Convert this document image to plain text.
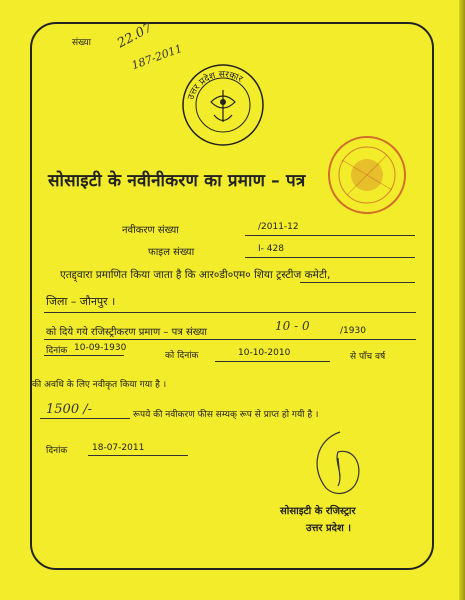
संख्या 22.07
187-2011
उत्तर प्रदेश सरकार
सोसाइटी के नवीनीकरण का प्रमाण – पत्र
नवीकरण संख्या	/2011-12
फाइल संख्या	I- 428
एतद्द्वारा प्रमाणित किया जाता है कि आर०डी०एम० शिया ट्रस्टीज कमेटी,
जिला – जौनपुर ।
को दिये गये रजिस्ट्रीकरण प्रमाण – पत्र संख्या	10 - 0	/1930
दिनांक 10-09-1930
को दिनांक	10-10-2010	से पाँच वर्ष
की अवधि के लिए नवीकृत किया गया है ।
1500 /-	रूपये की नवीकरण फीस सम्यक् रूप से प्राप्त हो गयी है ।
दिनांक	18-07-2011
सोसाइटी के रजिस्ट्रार
उत्तर प्रदेश ।
